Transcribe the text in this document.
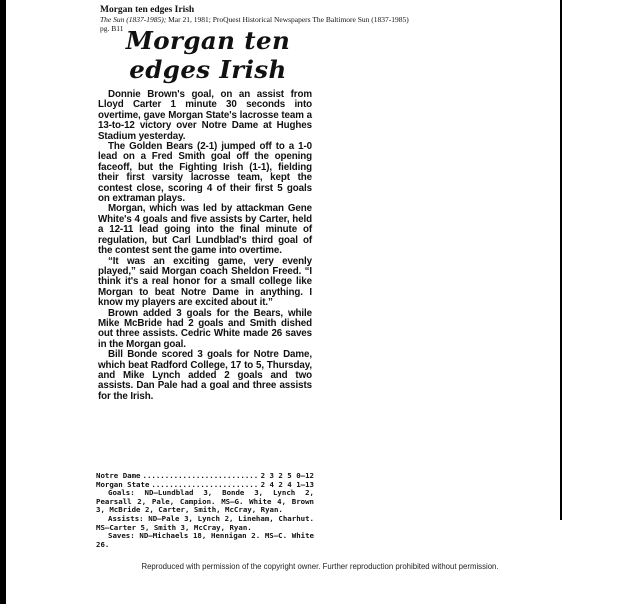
Morgan ten edges Irish
The Sun (1837-1985); Mar 21, 1981; ProQuest Historical Newspapers The Baltimore Sun (1837-1985)
pg. B11 Morgan ten
edges Irish

Donnie Brown's goal, on an assist from Lloyd Carter 1 minute 30 seconds into overtime, gave Morgan State's lacrosse team a 13-to-12 victory over Notre Dame at Hughes Stadium yesterday.

The Golden Bears (2-1) jumped off to a 1-0 lead on a Fred Smith goal off the opening faceoff, but the Fighting Irish (1-1), fielding their first varsity lacrosse team, kept the contest close, scoring 4 of their first 5 goals on extraman plays.

Morgan, which was led by attackman Gene White's 4 goals and five assists by Carter, held a 12-11 lead going into the final minute of regulation, but Carl Lundblad's third goal of the contest sent the game into overtime.

“It was an exciting game, very evenly played,” said Morgan coach Sheldon Freed. “I think it's a real honor for a small college like Morgan to beat Notre Dame in anything. I know my players are excited about it.”

Brown added 3 goals for the Bears, while Mike McBride had 2 goals and Smith dished out three assists. Cedric White made 26 saves in the Morgan goal.

Bill Bonde scored 3 goals for Notre Dame, which beat Radford College, 17 to 5, Thursday, and Mike Lynch added 2 goals and two assists. Dan Pale had a goal and three assists for the Irish.

Notre Dame .....	2 3 2 5 0—12
Morgan State .....	2 4 2 4 1—13

Goals: ND—Lundblad 3, Bonde 3, Lynch 2, Pearsall 2, Pale, Campion. MS—G. White 4, Brown 3, McBride 2, Carter, Smith, McCray, Ryan.

Assists: ND—Pale 3, Lynch 2, Lineham, Charhut. MS—Carter 5, Smith 3, McCray, Ryan.

Saves: ND—Michaels 18, Hennigan 2. MS—C. White 26.

Reproduced with permission of the copyright owner. Further reproduction prohibited without permission.
